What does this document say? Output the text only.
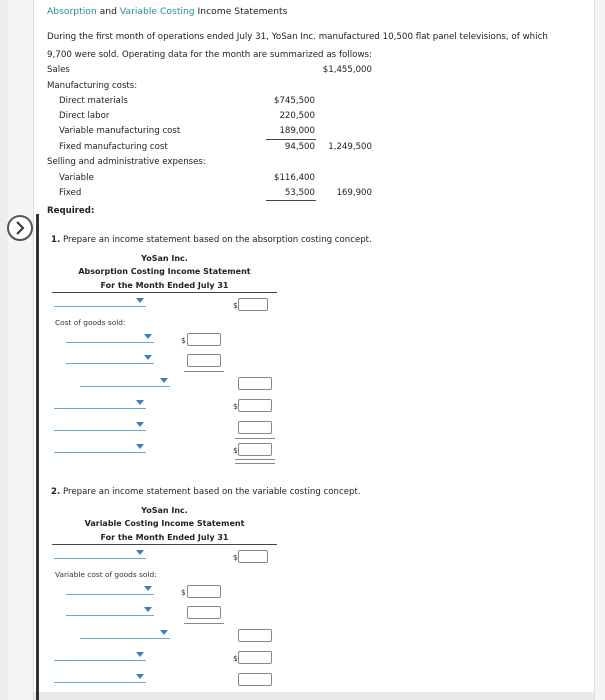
Absorption and Variable Costing Income Statements
During the first month of operations ended July 31, YoSan Inc. manufactured 10,500 flat panel televisions, of which 9,700 were sold. Operating data for the month are summarized as follows:
Sales	$1,455,000
Manufacturing costs:
Direct materials	$745,500
Direct labor	220,500
Variable manufacturing cost	189,000
Fixed manufacturing cost	94,500	1,249,500
Selling and administrative expenses:
Variable	$116,400
Fixed	53,500	169,900
Required:
1. Prepare an income statement based on the absorption costing concept.
YoSan Inc.
Absorption Costing Income Statement
For the Month Ended July 31
$
Cost of goods sold:
$
$
$
2. Prepare an income statement based on the variable costing concept.
YoSan Inc.
Variable Costing Income Statement
For the Month Ended July 31
$
Variable cost of goods sold:
$
$
